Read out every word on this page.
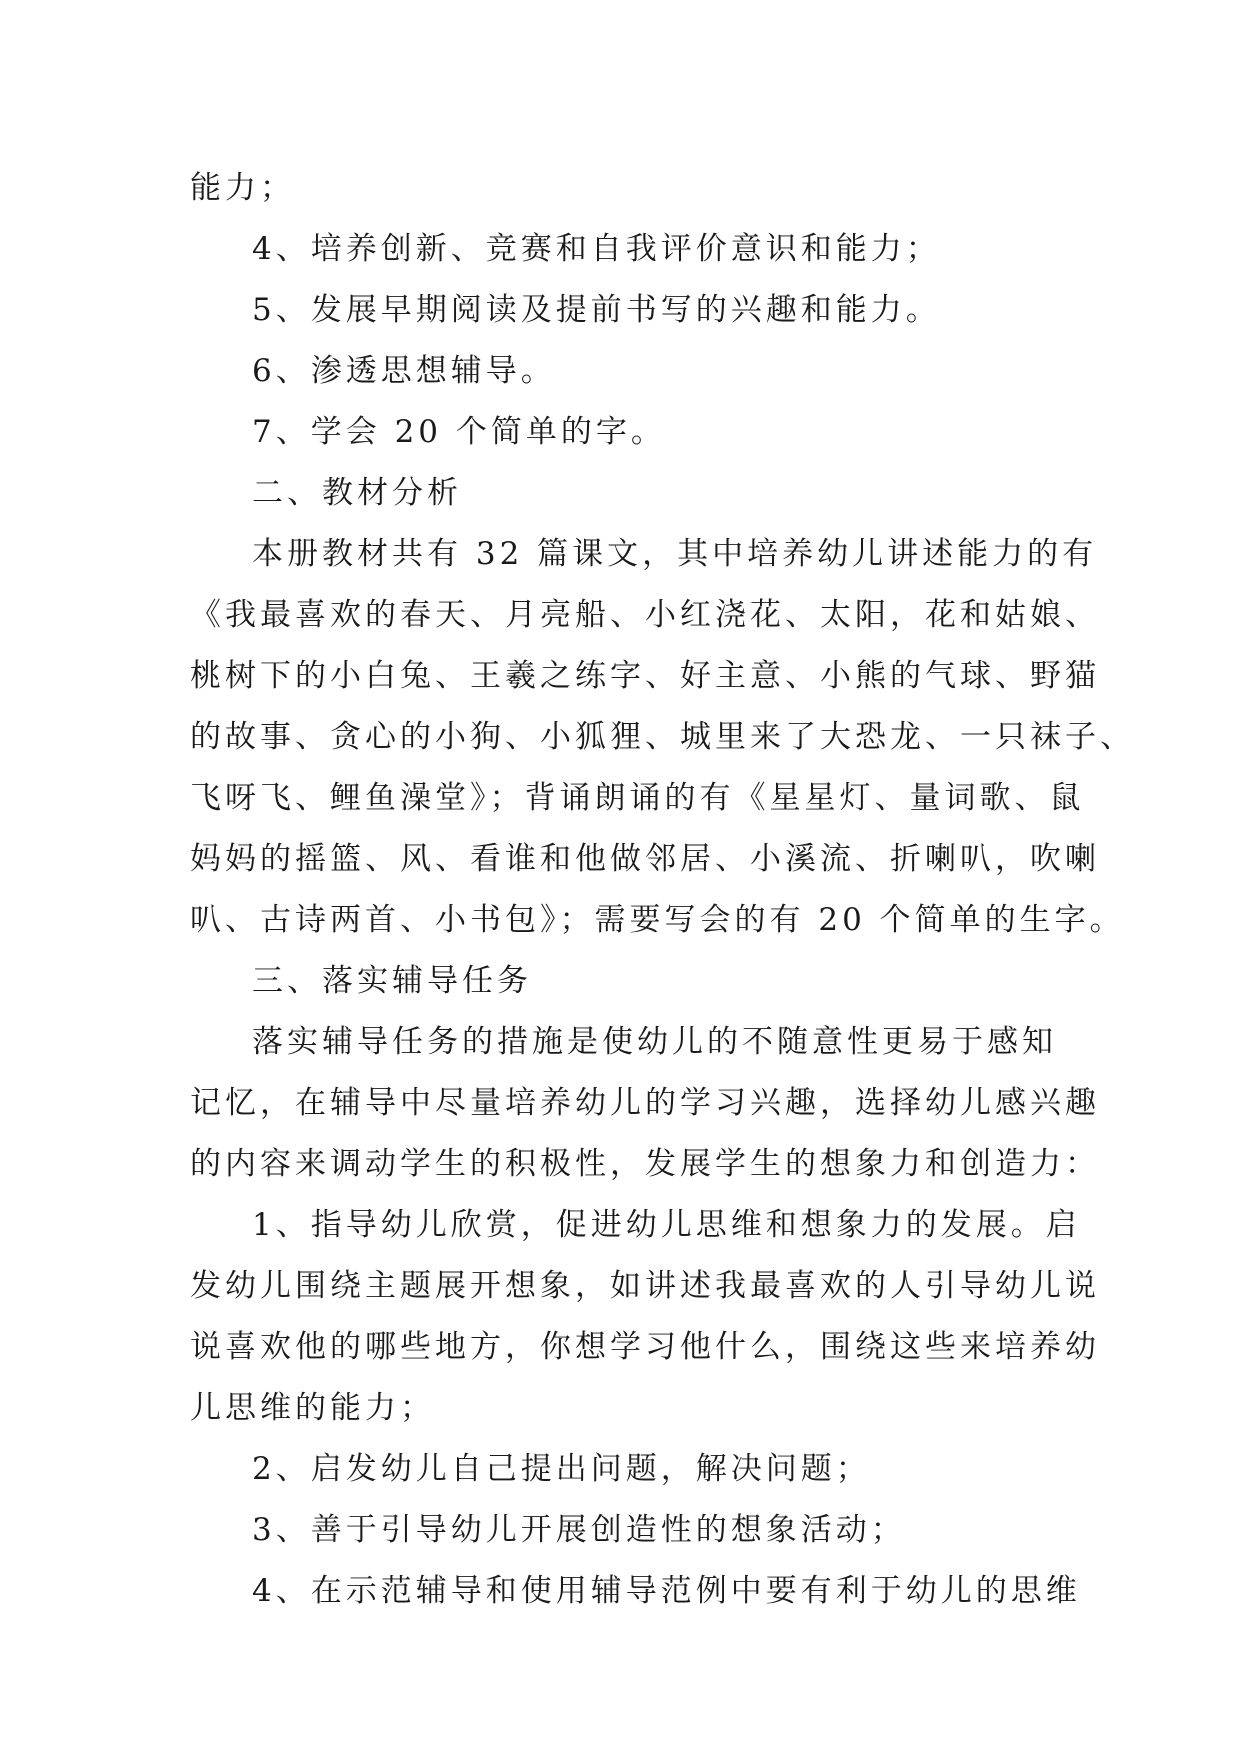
能力；
4、培养创新、竞赛和自我评价意识和能力；
5、发展早期阅读及提前书写的兴趣和能力。
6、渗透思想辅导。
7、学会 20 个简单的字。
二、教材分析
本册教材共有 32 篇课文，其中培养幼儿讲述能力的有
《我最喜欢的春天、月亮船、小红浇花、太阳，花和姑娘、
桃树下的小白兔、王羲之练字、好主意、小熊的气球、野猫
的故事、贪心的小狗、小狐狸、城里来了大恐龙、一只袜子、
飞呀飞、鲤鱼澡堂》；背诵朗诵的有《星星灯、量词歌、鼠
妈妈的摇篮、风、看谁和他做邻居、小溪流、折喇叭，吹喇
叭、古诗两首、小书包》；需要写会的有 20 个简单的生字。
三、落实辅导任务
落实辅导任务的措施是使幼儿的不随意性更易于感知
记忆，在辅导中尽量培养幼儿的学习兴趣，选择幼儿感兴趣
的内容来调动学生的积极性，发展学生的想象力和创造力：
1、指导幼儿欣赏，促进幼儿思维和想象力的发展。启
发幼儿围绕主题展开想象，如讲述我最喜欢的人引导幼儿说
说喜欢他的哪些地方，你想学习他什么，围绕这些来培养幼
儿思维的能力；
2、启发幼儿自己提出问题，解决问题；
3、善于引导幼儿开展创造性的想象活动；
4、在示范辅导和使用辅导范例中要有利于幼儿的思维
